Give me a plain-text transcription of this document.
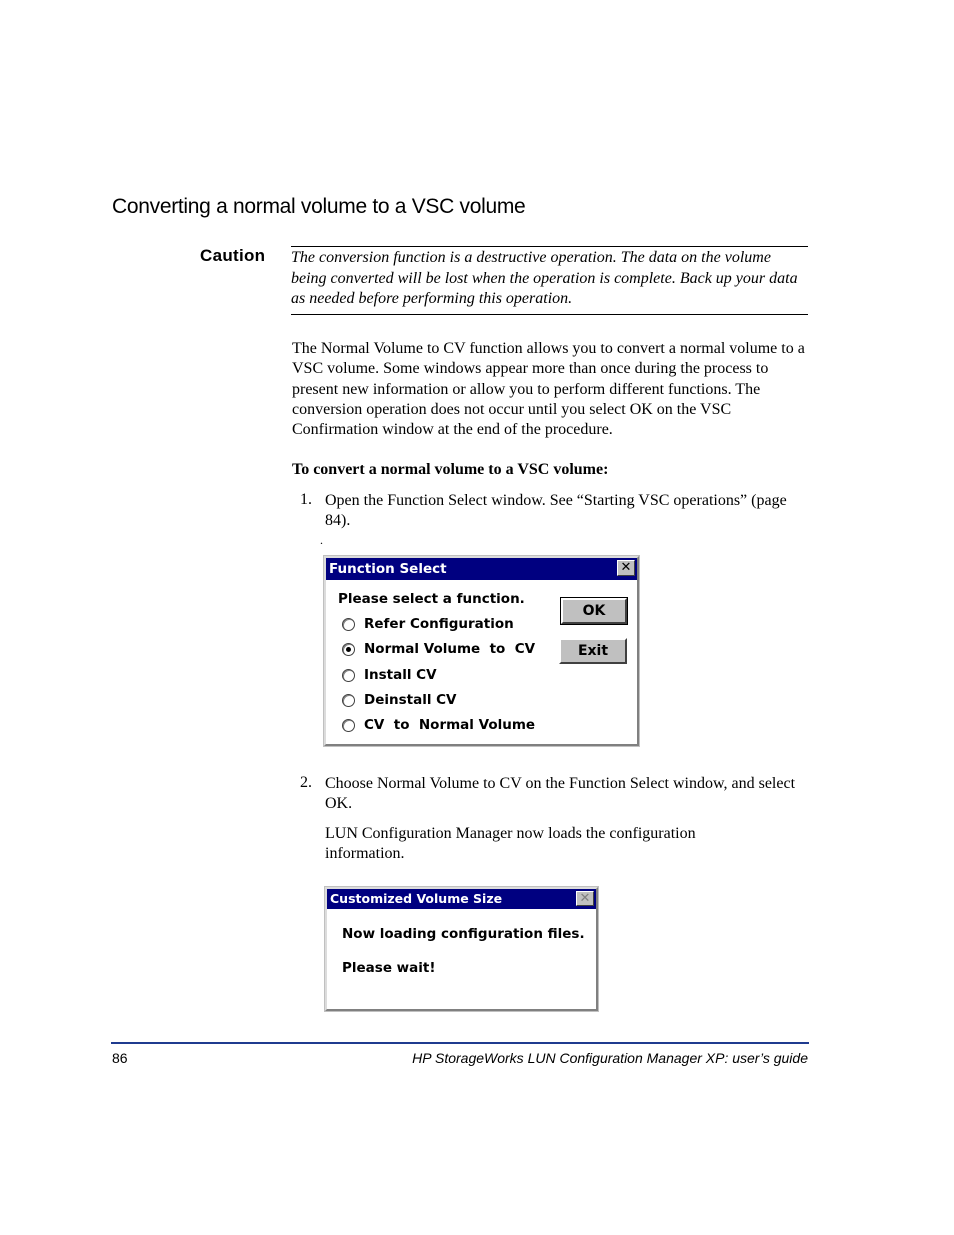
Converting a normal volume to a VSC volume
Caution The conversion function is a destructive operation. The data on the volume being converted will be lost when the operation is complete. Back up your data as needed before performing this operation.
The Normal Volume to CV function allows you to convert a normal volume to a VSC volume. Some windows appear more than once during the process to present new information or allow you to perform different functions. The conversion operation does not occur until you select OK on the VSC Confirmation window at the end of the procedure.
To convert a normal volume to a VSC volume:
1. Open the Function Select window. See “Starting VSC operations” (page 84).
.
Function Select	✕
Please select a function.
Refer Configuration
Normal Volume  to  CV
Install CV
Deinstall CV
CV  to  Normal Volume
OK
Exit
2. Choose Normal Volume to CV on the Function Select window, and select OK.
LUN Configuration Manager now loads the configuration information.
Customized Volume Size	✕
Now loading configuration files.
Please wait!
86	HP StorageWorks LUN Configuration Manager XP: user’s guide
